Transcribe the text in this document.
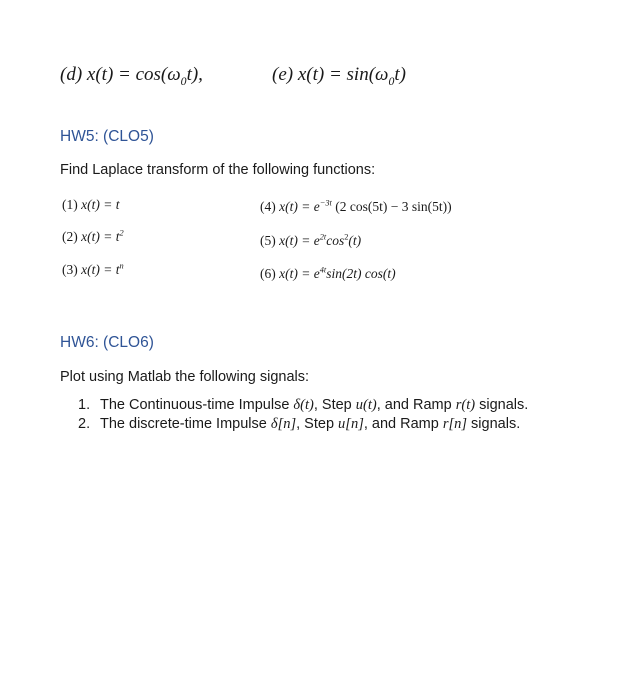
(d) $x(t) = \cos(\omega_0t)$,	(e) $x(t) = \sin(\omega_0t)$
HW5: (CLO5)
Find Laplace transform of the following functions:
(1) x(t) = t
(2) $x(t) = t^2$
(3) $x(t) = t^n$
(4) $x(t) = e^{-3t}$ (2 cos(5t) − 3 sin(5t))
(5) $x(t) = e^{2t}\cos^2(t)$
(6) $x(t) = e^{4t}\sin(2t)$ cos(t)
HW6: (CLO6)
Plot using Matlab the following signals:
1. The Continuous-time Impulse δ(t), Step u(t), and Ramp r(t) signals.
2. The discrete-time Impulse δ[n], Step u[n], and Ramp r[n] signals.
